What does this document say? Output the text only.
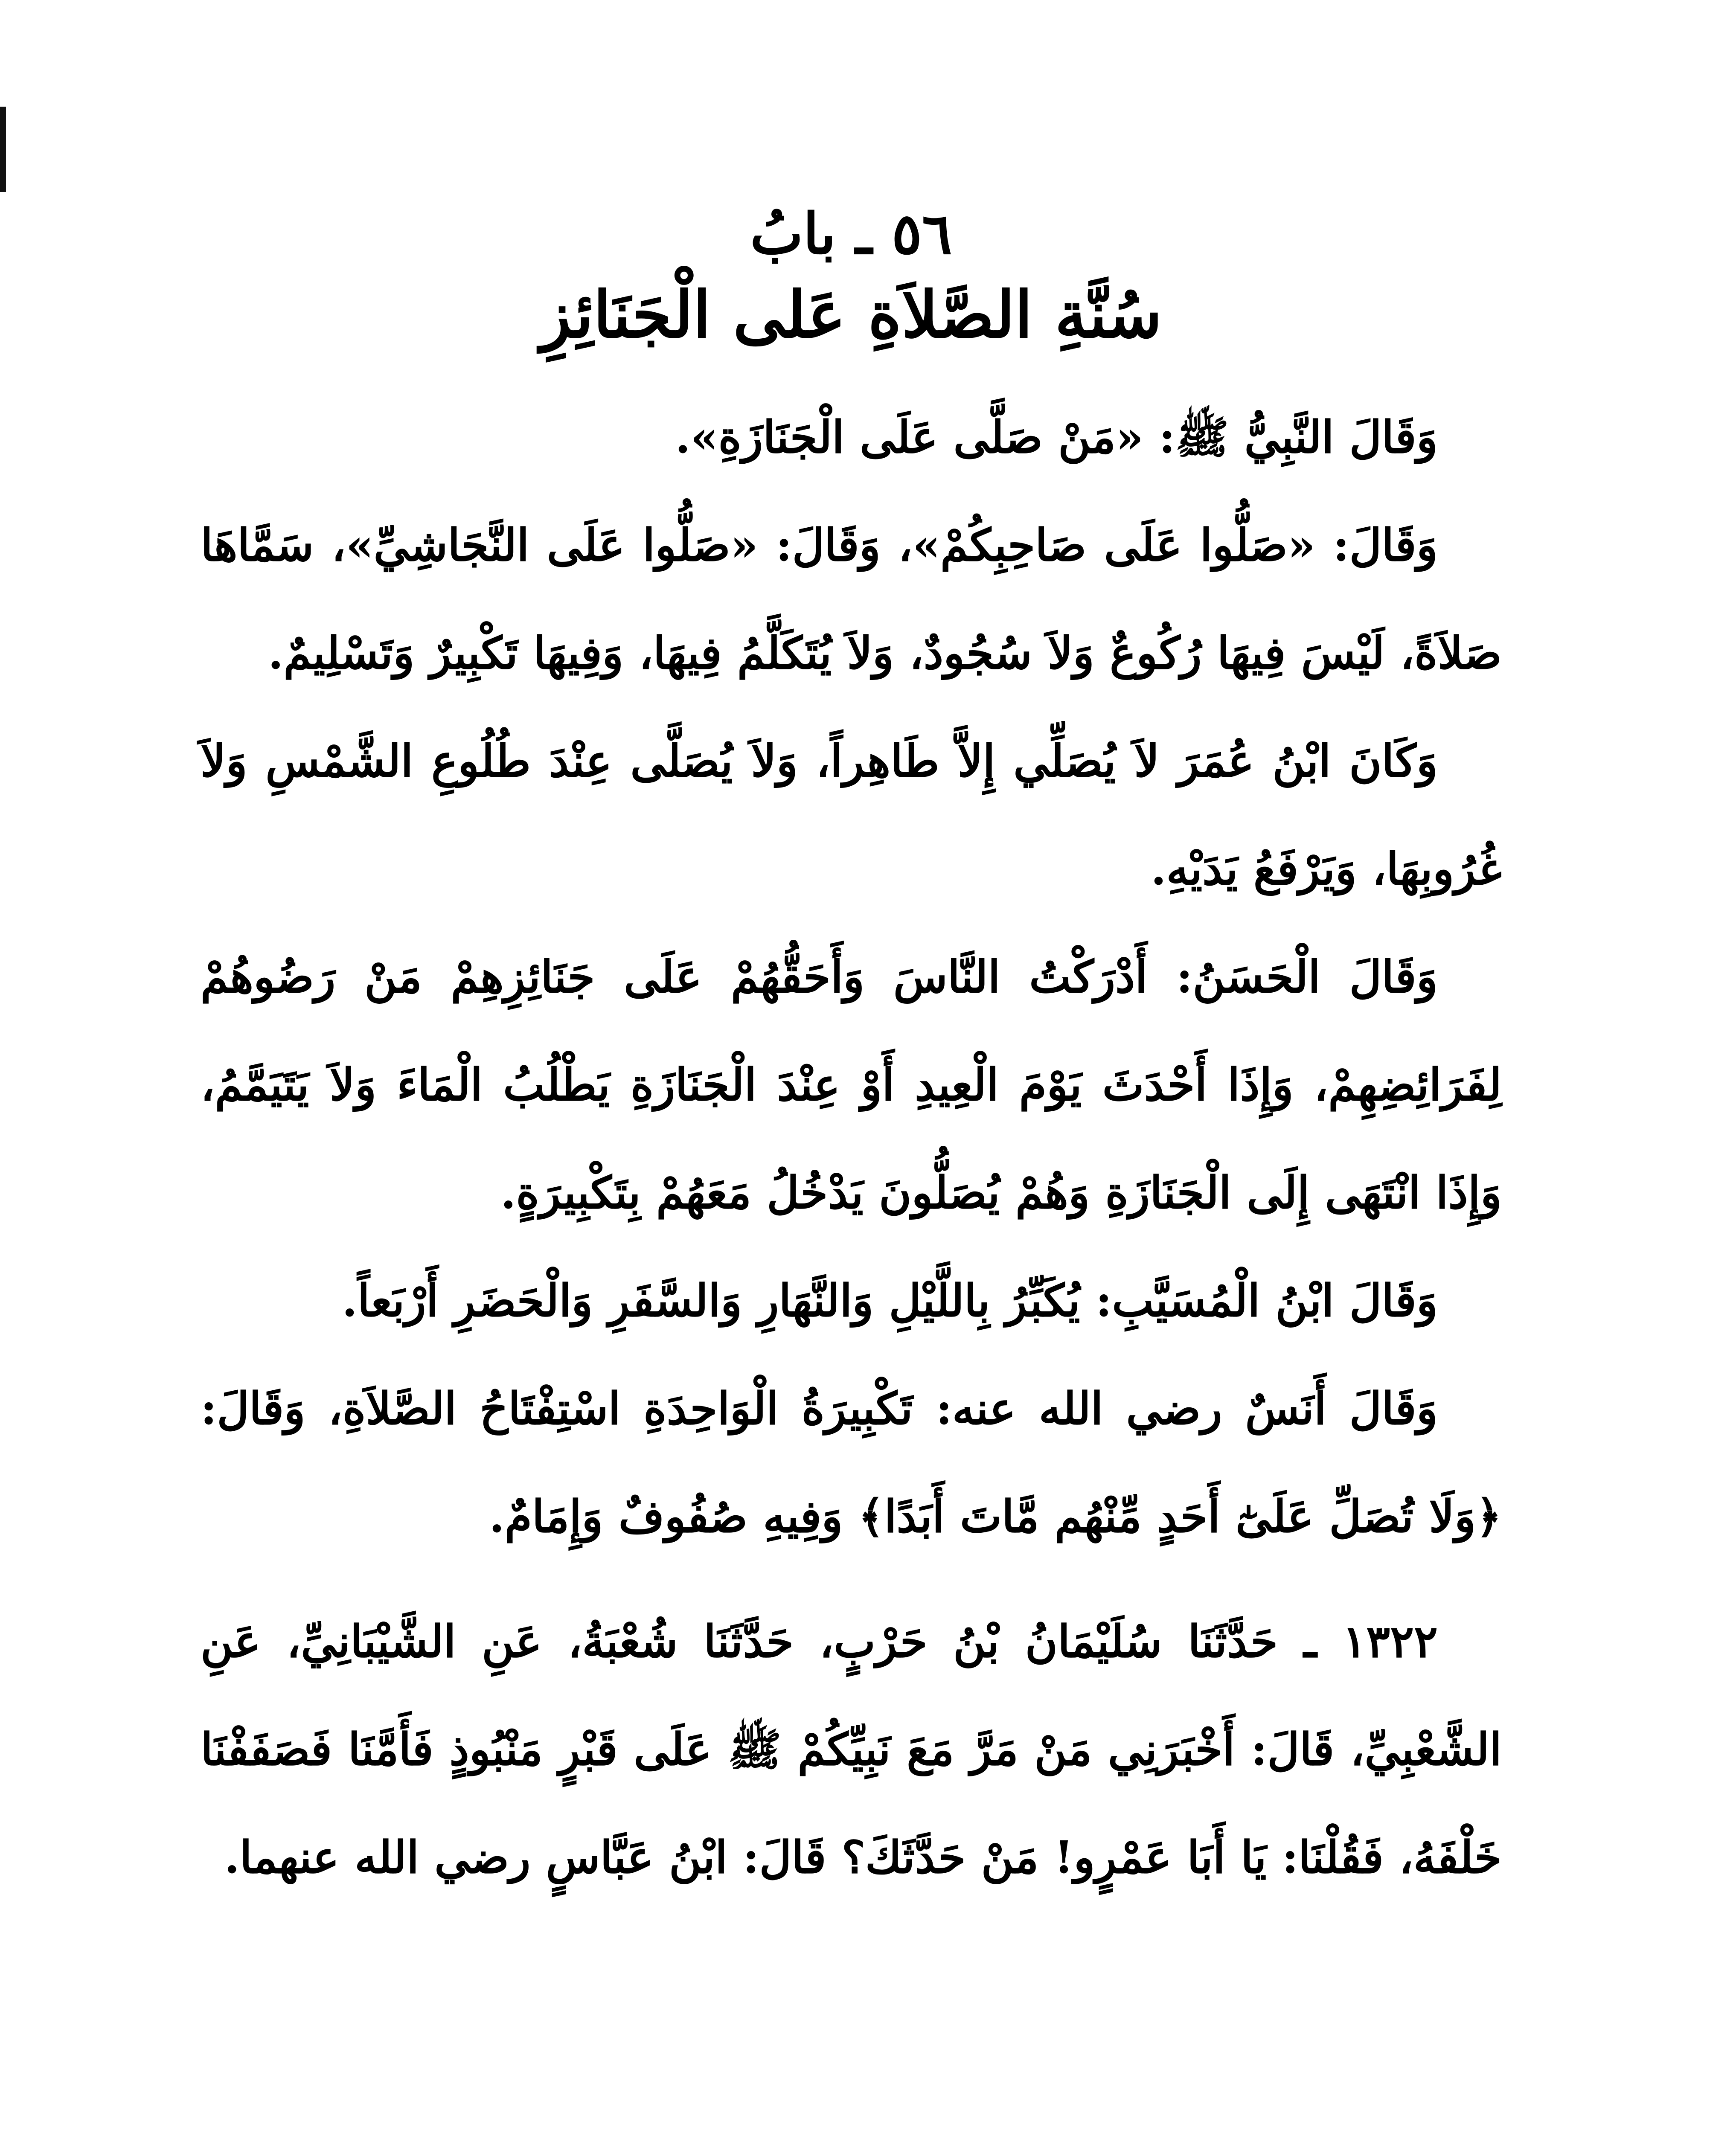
٥٦ ـ بابُ
سُنَّةِ الصَّلاَةِ عَلى الْجَنَائِزِ

وَقَالَ النَّبِيُّ ﷺ: «مَنْ صَلَّى عَلَى الْجَنَازَةِ».

وَقَالَ: «صَلُّوا عَلَى صَاحِبِكُمْ»، وَقَالَ: «صَلُّوا عَلَى النَّجَاشِيِّ»، سَمَّاهَا صَلاَةً، لَيْسَ فِيهَا رُكُوعٌ وَلاَ سُجُودٌ، وَلاَ يُتَكَلَّمُ فِيهَا، وَفِيهَا تَكْبِيرٌ وَتَسْلِيمٌ.

وَكَانَ ابْنُ عُمَرَ لاَ يُصَلِّي إِلاَّ طَاهِراً، وَلاَ يُصَلَّى عِنْدَ طُلُوعِ الشَّمْسِ وَلاَ غُرُوبِهَا، وَيَرْفَعُ يَدَيْهِ.

وَقَالَ الْحَسَنُ: أَدْرَكْتُ النَّاسَ وَأَحَقُّهُمْ عَلَى جَنَائِزِهِمْ مَنْ رَضُوهُمْ لِفَرَائِضِهِمْ، وَإِذَا أَحْدَثَ يَوْمَ الْعِيدِ أَوْ عِنْدَ الْجَنَازَةِ يَطْلُبُ الْمَاءَ وَلاَ يَتَيَمَّمُ، وَإِذَا انْتَهَى إِلَى الْجَنَازَةِ وَهُمْ يُصَلُّونَ يَدْخُلُ مَعَهُمْ بِتَكْبِيرَةٍ.

وَقَالَ ابْنُ الْمُسَيَّبِ: يُكَبِّرُ بِاللَّيْلِ وَالنَّهَارِ وَالسَّفَرِ وَالْحَضَرِ أَرْبَعاً.

وَقَالَ أَنَسٌ رضي الله عنه: تَكْبِيرَةُ الْوَاحِدَةِ اسْتِفْتَاحُ الصَّلاَةِ، وَقَالَ: ﴿وَلَا تُصَلِّ عَلَىٰٓ أَحَدٍ مِّنْهُم مَّاتَ أَبَدًا﴾ وَفِيهِ صُفُوفٌ وَإِمَامٌ.

١٣٢٢ ـ حَدَّثَنَا سُلَيْمَانُ بْنُ حَرْبٍ، حَدَّثَنَا شُعْبَةُ، عَنِ الشَّيْبَانِيِّ، عَنِ الشَّعْبِيِّ، قَالَ: أَخْبَرَنِي مَنْ مَرَّ مَعَ نَبِيِّكُمْ ﷺ عَلَى قَبْرٍ مَنْبُوذٍ فَأَمَّنَا فَصَفَفْنَا خَلْفَهُ، فَقُلْنَا: يَا أَبَا عَمْرٍو! مَنْ حَدَّثَكَ؟ قَالَ: ابْنُ عَبَّاسٍ رضي الله عنهما.
